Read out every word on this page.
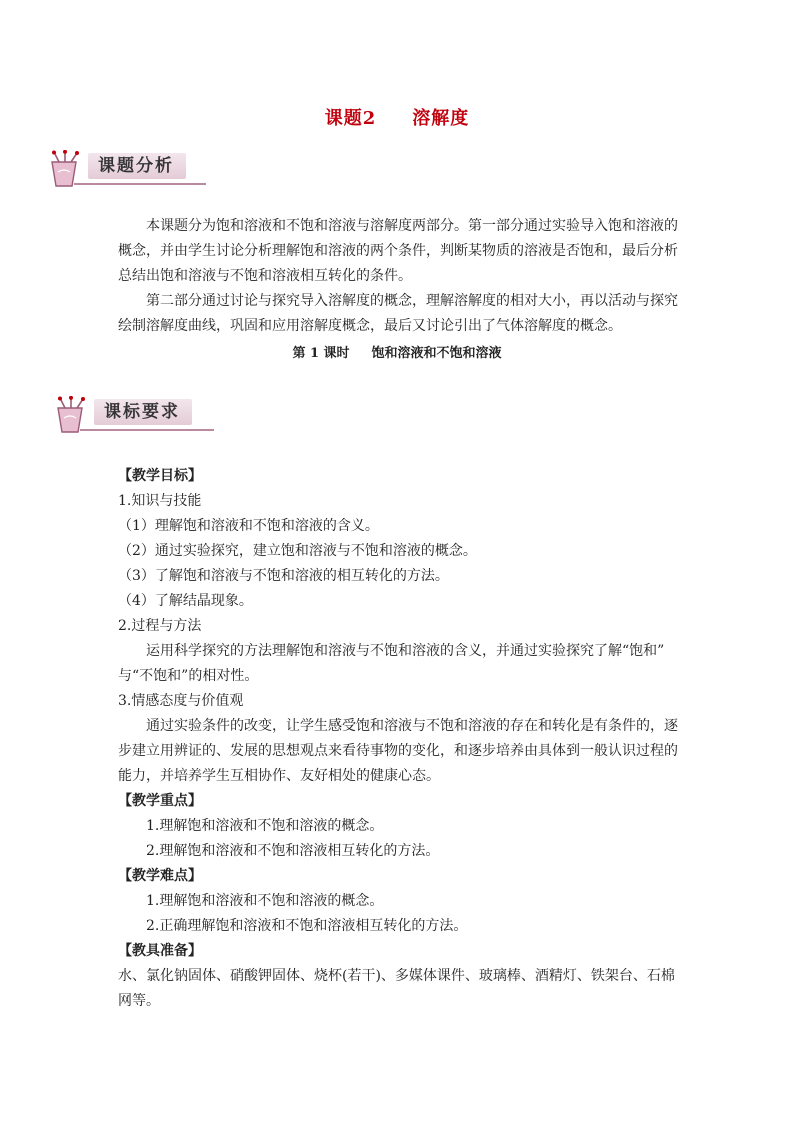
课题2 溶解度
课题分析
本课题分为饱和溶液和不饱和溶液与溶解度两部分。第一部分通过实验导入饱和溶液的概念，并由学生讨论分析理解饱和溶液的两个条件，判断某物质的溶液是否饱和，最后分析总结出饱和溶液与不饱和溶液相互转化的条件。
第二部分通过讨论与探究导入溶解度的概念，理解溶解度的相对大小，再以活动与探究绘制溶解度曲线，巩固和应用溶解度概念，最后又讨论引出了气体溶解度的概念。
第 1 课时 饱和溶液和不饱和溶液
课标要求
【教学目标】
1.知识与技能
（1）理解饱和溶液和不饱和溶液的含义。
（2）通过实验探究，建立饱和溶液与不饱和溶液的概念。
（3）了解饱和溶液与不饱和溶液的相互转化的方法。
（4）了解结晶现象。
2.过程与方法
运用科学探究的方法理解饱和溶液与不饱和溶液的含义，并通过实验探究了解“饱和”
与“不饱和”的相对性。
3.情感态度与价值观
通过实验条件的改变，让学生感受饱和溶液与不饱和溶液的存在和转化是有条件的，逐
步建立用辨证的、发展的思想观点来看待事物的变化，和逐步培养由具体到一般认识过程的
能力，并培养学生互相协作、友好相处的健康心态。
【教学重点】
1.理解饱和溶液和不饱和溶液的概念。
2.理解饱和溶液和不饱和溶液相互转化的方法。
【教学难点】
1.理解饱和溶液和不饱和溶液的概念。
2.正确理解饱和溶液和不饱和溶液相互转化的方法。
【教具准备】
水、氯化钠固体、硝酸钾固体、烧杯(若干)、多媒体课件、玻璃棒、酒精灯、铁架台、石棉
网等。
